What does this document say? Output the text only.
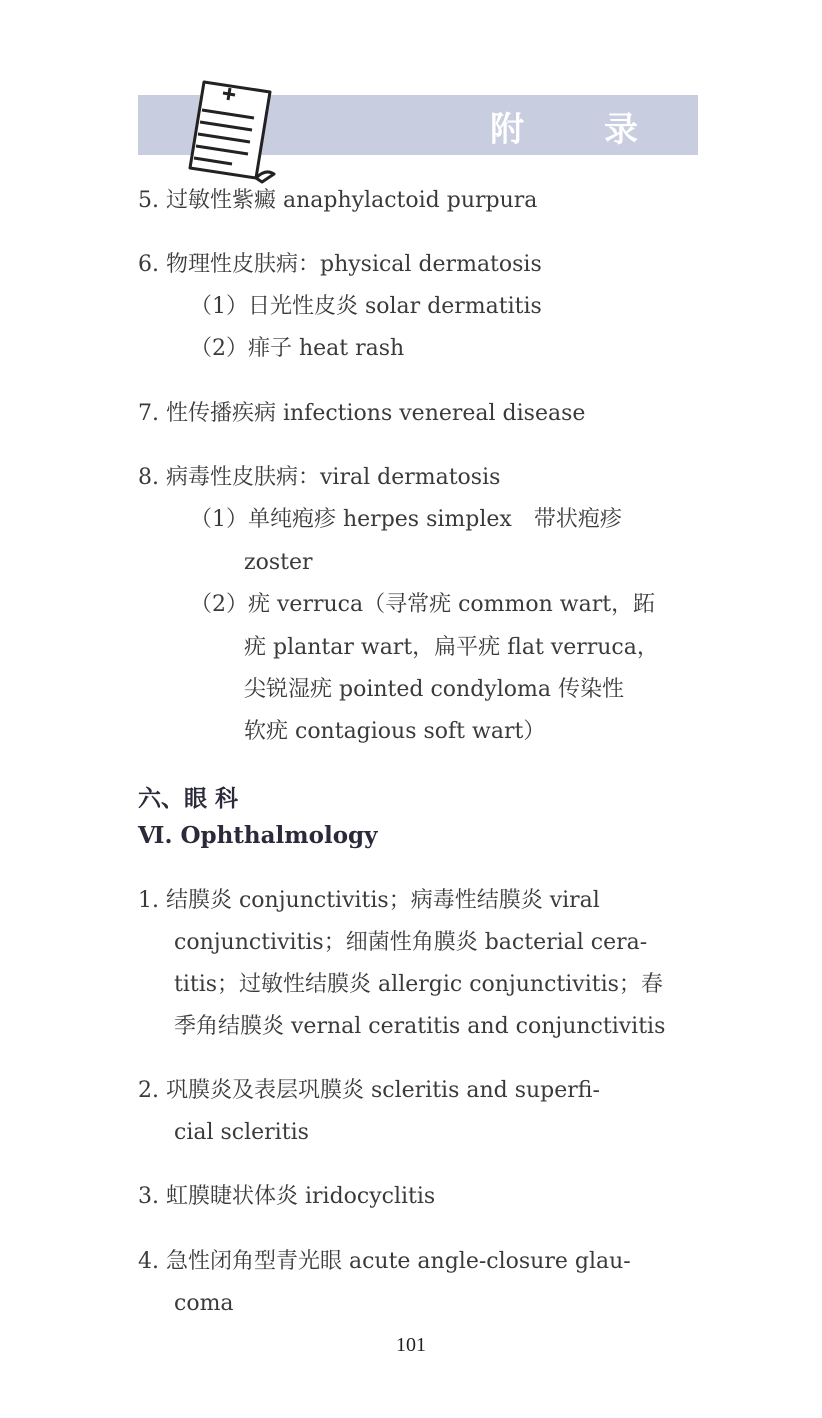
附 录
5. 过敏性紫癜 anaphylactoid purpura
6. 物理性皮肤病：physical dermatosis
（1）日光性皮炎 solar dermatitis
（2）痱子 heat rash
7. 性传播疾病 infections venereal disease
8. 病毒性皮肤病：viral dermatosis
（1）单纯疱疹 herpes simplex　带状疱疹
zoster
（2）疣 verruca（寻常疣 common wart，跖
疣 plantar wart，扁平疣 flat verruca，
尖锐湿疣 pointed condyloma 传染性
软疣 contagious soft wart）
六、眼 科
Ⅵ. Ophthalmology
1. 结膜炎 conjunctivitis；病毒性结膜炎 viral
conjunctivitis；细菌性角膜炎 bacterial cera-
titis；过敏性结膜炎 allergic conjunctivitis；春
季角结膜炎 vernal ceratitis and conjunctivitis
2. 巩膜炎及表层巩膜炎 scleritis and superfi-
cial scleritis
3. 虹膜睫状体炎 iridocyclitis
4. 急性闭角型青光眼 acute angle-closure glau-
coma
101
